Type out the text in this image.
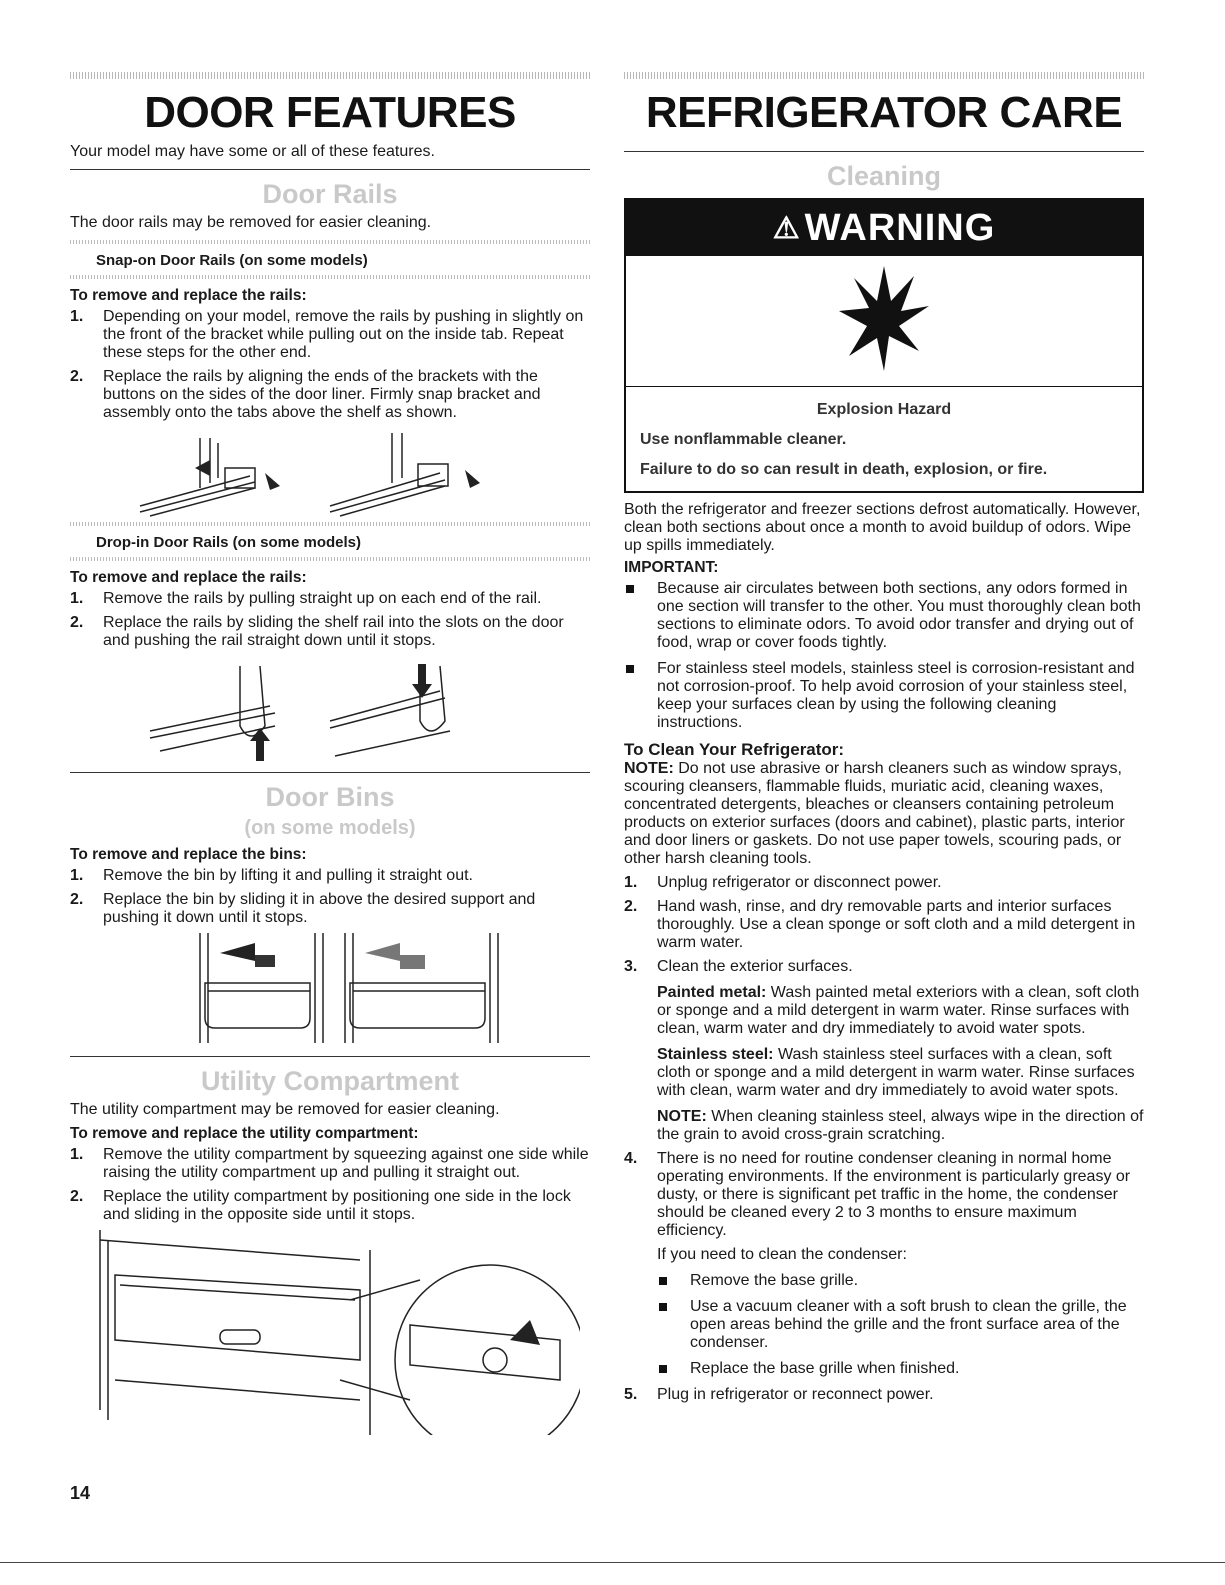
DOOR FEATURES

Your model may have some or all of these features.

Door Rails

The door rails may be removed for easier cleaning.

Snap-on Door Rails (on some models)

To remove and replace the rails:

1. Depending on your model, remove the rails by pushing in slightly on the front of the bracket while pulling out on the inside tab. Repeat these steps for the other end.
2. Replace the rails by aligning the ends of the brackets with the buttons on the sides of the door liner. Firmly snap bracket and assembly onto the tabs above the shelf as shown.
Drop-in Door Rails (on some models)

To remove and replace the rails:

1. Remove the rails by pulling straight up on each end of the rail.
2. Replace the rails by sliding the shelf rail into the slots on the door and pushing the rail straight down until it stops.
Door Bins
(on some models)

To remove and replace the bins:

1. Remove the bin by lifting it and pulling it straight out.
2. Replace the bin by sliding it in above the desired support and pushing it down until it stops.
Utility Compartment

The utility compartment may be removed for easier cleaning.

To remove and replace the utility compartment:

1. Remove the utility compartment by squeezing against one side while raising the utility compartment up and pulling it straight out.
2. Replace the utility compartment by positioning one side in the lock and sliding in the opposite side until it stops.
REFRIGERATOR CARE
Cleaning
⚠ WARNING
Explosion Hazard

Use nonflammable cleaner.

Failure to do so can result in death, explosion, or fire.

Both the refrigerator and freezer sections defrost automatically. However, clean both sections about once a month to avoid buildup of odors. Wipe up spills immediately.

IMPORTANT:

Because air circulates between both sections, any odors formed in one section will transfer to the other. You must thoroughly clean both sections to eliminate odors. To avoid odor transfer and drying out of food, wrap or cover foods tightly.
For stainless steel models, stainless steel is corrosion-resistant and not corrosion-proof. To help avoid corrosion of your stainless steel, keep your surfaces clean by using the following cleaning instructions.

To Clean Your Refrigerator:

NOTE: Do not use abrasive or harsh cleaners such as window sprays, scouring cleansers, flammable fluids, muriatic acid, cleaning waxes, concentrated detergents, bleaches or cleansers containing petroleum products on exterior surfaces (doors and cabinet), plastic parts, interior and door liners or gaskets. Do not use paper towels, scouring pads, or other harsh cleaning tools.

1. Unplug refrigerator or disconnect power.
2. Hand wash, rinse, and dry removable parts and interior surfaces thoroughly. Use a clean sponge or soft cloth and a mild detergent in warm water.
3. Clean the exterior surfaces.

Painted metal: Wash painted metal exteriors with a clean, soft cloth or sponge and a mild detergent in warm water. Rinse surfaces with clean, warm water and dry immediately to avoid water spots.

Stainless steel: Wash stainless steel surfaces with a clean, soft cloth or sponge and a mild detergent in warm water. Rinse surfaces with clean, warm water and dry immediately to avoid water spots.

NOTE: When cleaning stainless steel, always wipe in the direction of the grain to avoid cross-grain scratching.

4. There is no need for routine condenser cleaning in normal home operating environments. If the environment is particularly greasy or dusty, or there is significant pet traffic in the home, the condenser should be cleaned every 2 to 3 months to ensure maximum efficiency.

If you need to clean the condenser:

Remove the base grille.
Use a vacuum cleaner with a soft brush to clean the grille, the open areas behind the grille and the front surface area of the condenser.
Replace the base grille when finished.
5. Plug in refrigerator or reconnect power.
14
